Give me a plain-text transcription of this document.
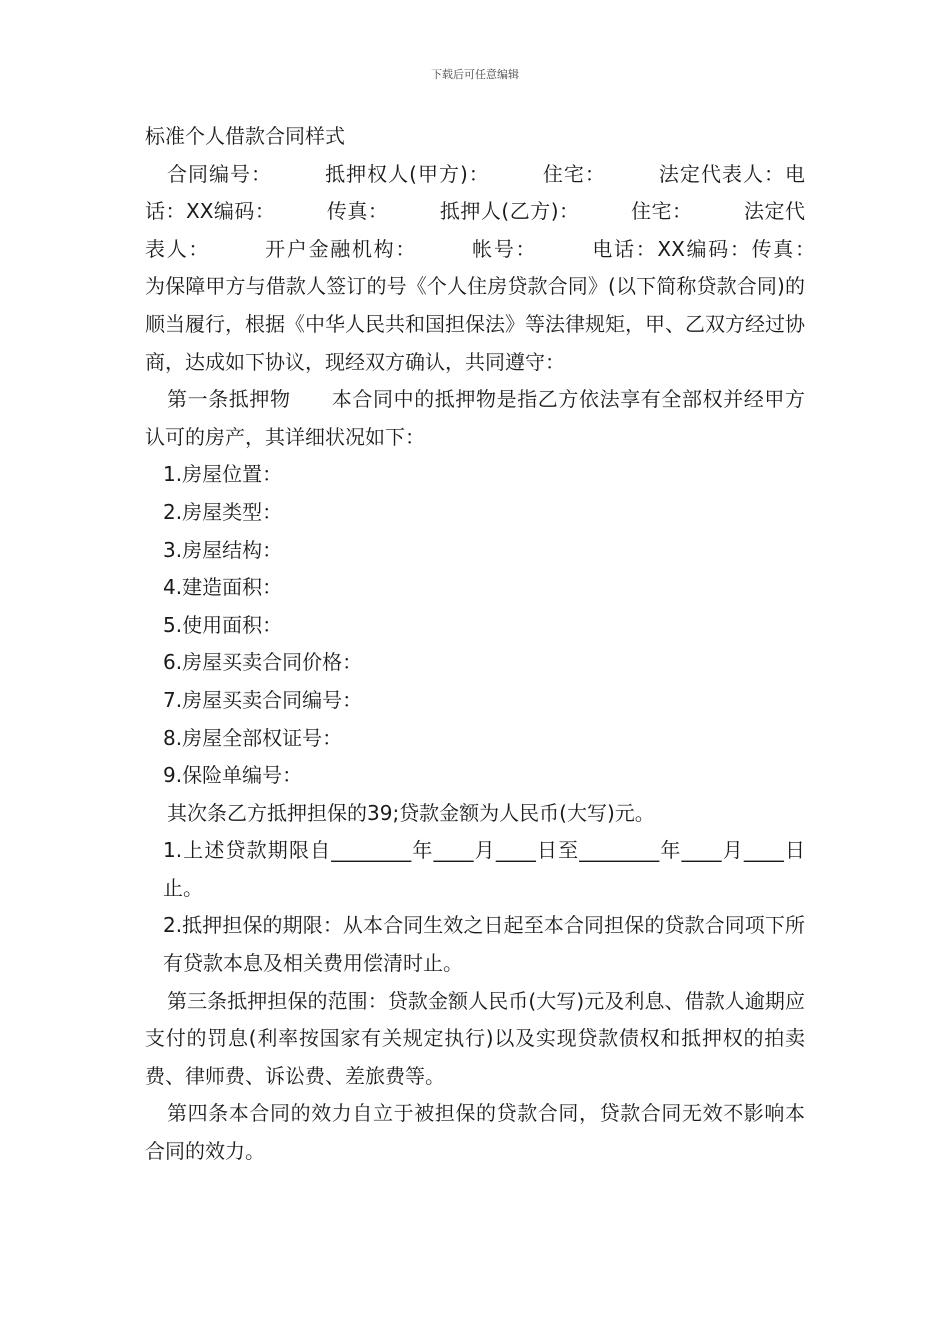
下载后可任意编辑

标准个人借款合同样式

合同编号：　　　抵押权人(甲方)：　　　住宅：　　　法定代表人：电话：XX编码：　　　传真：　　　抵押人(乙方)：　　　住宅：　　　法定代表人：　　　开户金融机构：　　　帐号：　　　电话：XX编码：传真：　　　为保障甲方与借款人签订的号《个人住房贷款合同》(以下简称贷款合同)的顺当履行，根据《中华人民共和国担保法》等法律规矩，甲、乙双方经过协商，达成如下协议，现经双方确认，共同遵守：

第一条抵押物　　本合同中的抵押物是指乙方依法享有全部权并经甲方认可的房产，其详细状况如下：

1.房屋位置：

2.房屋类型：

3.房屋结构：

4.建造面积：

5.使用面积：

6.房屋买卖合同价格：

7.房屋买卖合同编号：

8.房屋全部权证号：

9.保险单编号：

其次条乙方抵押担保的39;贷款金额为人民币(大写)元。

1.上述贷款期限自________年____月____日至________年____月____日止。

2.抵押担保的期限：从本合同生效之日起至本合同担保的贷款合同项下所有贷款本息及相关费用偿清时止。

第三条抵押担保的范围：贷款金额人民币(大写)元及利息、借款人逾期应支付的罚息(利率按国家有关规定执行)以及实现贷款债权和抵押权的拍卖费、律师费、诉讼费、差旅费等。

第四条本合同的效力自立于被担保的贷款合同，贷款合同无效不影响本合同的效力。
